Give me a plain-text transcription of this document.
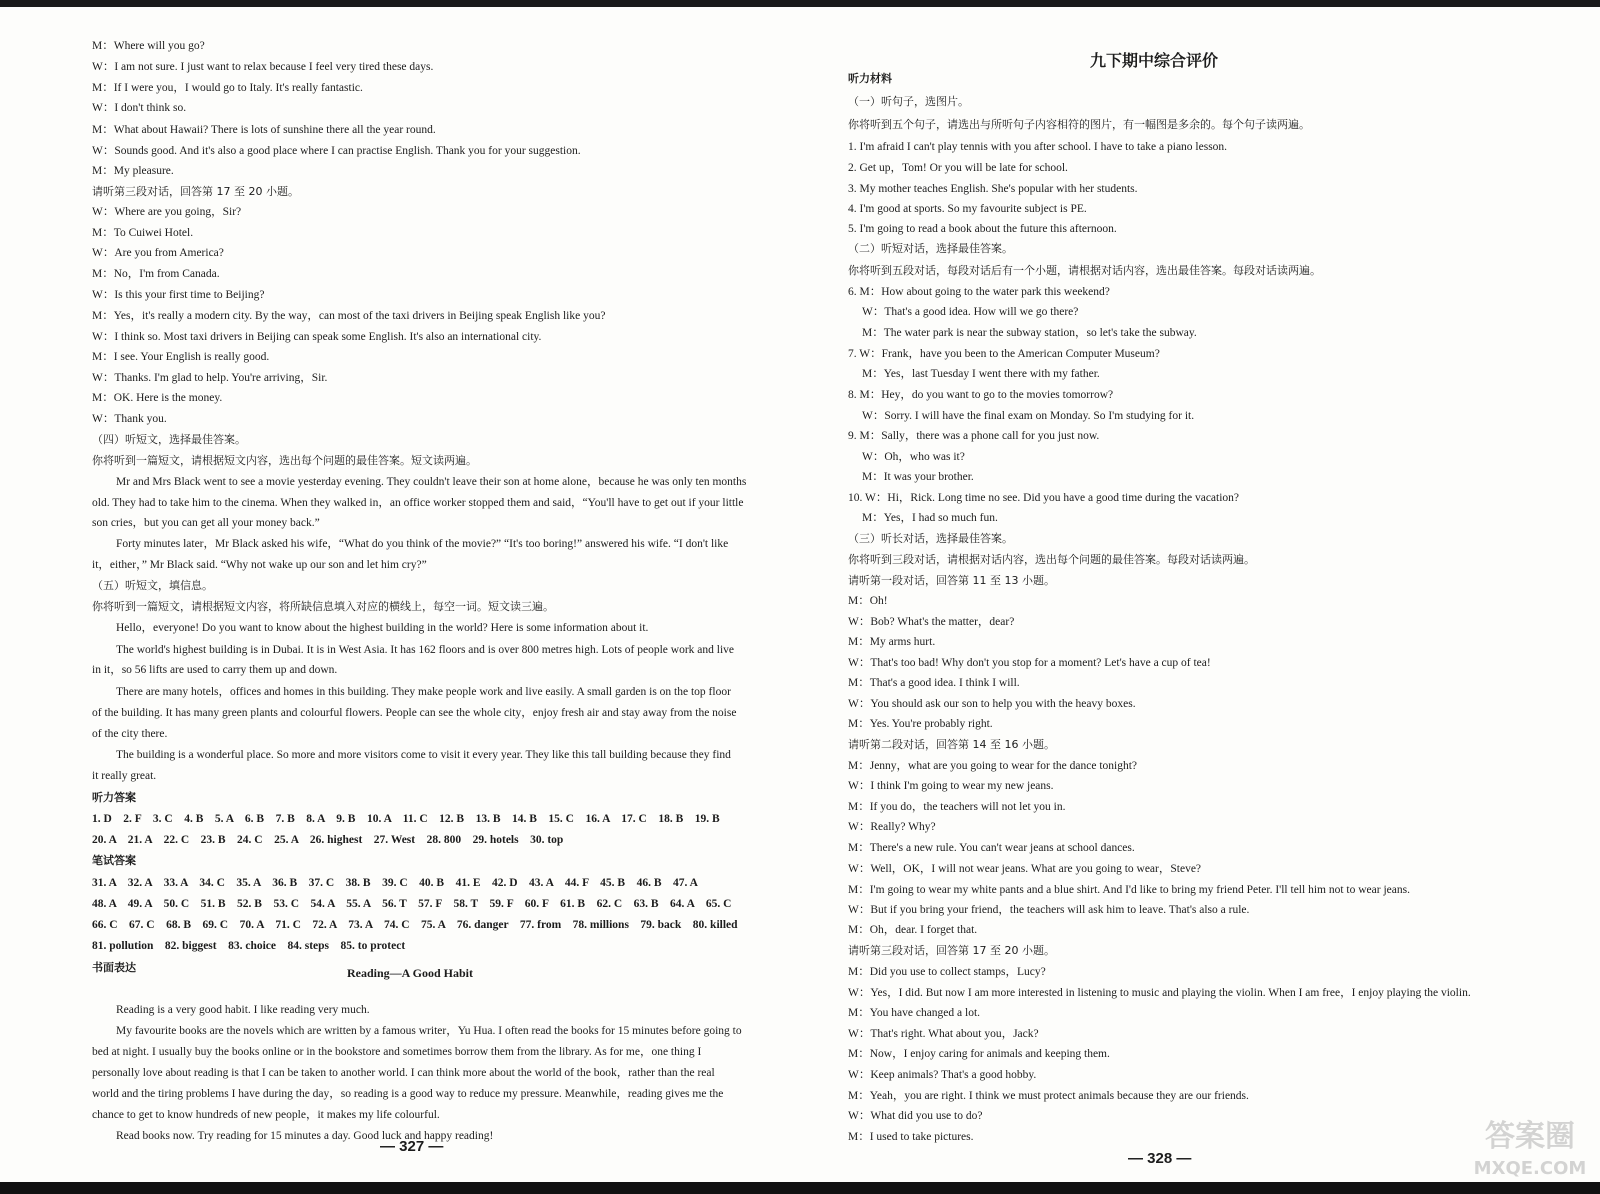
M：Where will you go?
W：I am not sure. I just want to relax because I feel very tired these days.
M：If I were you，I would go to Italy. It's really fantastic.
W：I don't think so.
M：What about Hawaii? There is lots of sunshine there all the year round.
W：Sounds good. And it's also a good place where I can practise English. Thank you for your suggestion.
M：My pleasure.
请听第三段对话，回答第 17 至 20 小题。
W：Where are you going，Sir?
M：To Cuiwei Hotel.
W：Are you from America?
M：No，I'm from Canada.
W：Is this your first time to Beijing?
M：Yes，it's really a modern city. By the way，can most of the taxi drivers in Beijing speak English like you?
W：I think so. Most taxi drivers in Beijing can speak some English. It's also an international city.
M：I see. Your English is really good.
W：Thanks. I'm glad to help. You're arriving，Sir.
M：OK. Here is the money.
W：Thank you.
（四）听短文，选择最佳答案。
你将听到一篇短文，请根据短文内容，选出每个问题的最佳答案。短文读两遍。
Mr and Mrs Black went to see a movie yesterday evening. They couldn't leave their son at home alone，because he was only ten months
old. They had to take him to the cinema. When they walked in，an office worker stopped them and said，“You'll have to get out if your little
son cries，but you can get all your money back.”
Forty minutes later，Mr Black asked his wife，“What do you think of the movie?” “It's too boring!” answered his wife. “I don't like
it，either，” Mr Black said. “Why not wake up our son and let him cry?”
（五）听短文，填信息。
你将听到一篇短文，请根据短文内容，将所缺信息填入对应的横线上，每空一词。短文读三遍。
Hello，everyone! Do you want to know about the highest building in the world? Here is some information about it.
The world's highest building is in Dubai. It is in West Asia. It has 162 floors and is over 800 metres high. Lots of people work and live
in it，so 56 lifts are used to carry them up and down.
There are many hotels，offices and homes in this building. They make people work and live easily. A small garden is on the top floor
of the building. It has many green plants and colourful flowers. People can see the whole city，enjoy fresh air and stay away from the noise
of the city there.
The building is a wonderful place. So more and more visitors come to visit it every year. They like this tall building because they find
it really great.
听力答案
1. D　2. F　3. C　4. B　5. A　6. B　7. B　8. A　9. B　10. A　11. C　12. B　13. B　14. B　15. C　16. A　17. C　18. B　19. B
20. A　21. A　22. C　23. B　24. C　25. A　26. highest　27. West　28. 800　29. hotels　30. top
笔试答案
31. A　32. A　33. A　34. C　35. A　36. B　37. C　38. B　39. C　40. B　41. E　42. D　43. A　44. F　45. B　46. B　47. A
48. A　49. A　50. C　51. B　52. B　53. C　54. A　55. A　56. T　57. F　58. T　59. F　60. F　61. B　62. C　63. B　64. A　65. C
66. C　67. C　68. B　69. C　70. A　71. C　72. A　73. A　74. C　75. A　76. danger　77. from　78. millions　79. back　80. killed
81. pollution　82. biggest　83. choice　84. steps　85. to protect
书面表达
Reading is a very good habit. I like reading very much.
My favourite books are the novels which are written by a famous writer，Yu Hua. I often read the books for 15 minutes before going to
bed at night. I usually buy the books online or in the bookstore and sometimes borrow them from the library. As for me，one thing I
personally love about reading is that I can be taken to another world. I can think more about the world of the book，rather than the real
world and the tiring problems I have during the day，so reading is a good way to reduce my pressure. Meanwhile，reading gives me the
chance to get to know hundreds of new people，it makes my life colourful.
Read books now. Try reading for 15 minutes a day. Good luck and happy reading!
Reading—A Good Habit
— 327 —
九下期中综合评价
听力材料
（一）听句子，选图片。
你将听到五个句子，请选出与所听句子内容相符的图片，有一幅图是多余的。每个句子读两遍。
1. I'm afraid I can't play tennis with you after school. I have to take a piano lesson.
2. Get up，Tom! Or you will be late for school.
3. My mother teaches English. She's popular with her students.
4. I'm good at sports. So my favourite subject is PE.
5. I'm going to read a book about the future this afternoon.
（二）听短对话，选择最佳答案。
你将听到五段对话，每段对话后有一个小题，请根据对话内容，选出最佳答案。每段对话读两遍。
6. M：How about going to the water park this weekend?
W：That's a good idea. How will we go there?
M：The water park is near the subway station，so let's take the subway.
7. W：Frank，have you been to the American Computer Museum?
M：Yes，last Tuesday I went there with my father.
8. M：Hey，do you want to go to the movies tomorrow?
W：Sorry. I will have the final exam on Monday. So I'm studying for it.
9. M：Sally，there was a phone call for you just now.
W：Oh，who was it?
M：It was your brother.
10. W：Hi，Rick. Long time no see. Did you have a good time during the vacation?
M：Yes，I had so much fun.
（三）听长对话，选择最佳答案。
你将听到三段对话，请根据对话内容，选出每个问题的最佳答案。每段对话读两遍。
请听第一段对话，回答第 11 至 13 小题。
M：Oh!
W：Bob? What's the matter，dear?
M：My arms hurt.
W：That's too bad! Why don't you stop for a moment? Let's have a cup of tea!
M：That's a good idea. I think I will.
W：You should ask our son to help you with the heavy boxes.
M：Yes. You're probably right.
请听第二段对话，回答第 14 至 16 小题。
M：Jenny，what are you going to wear for the dance tonight?
W：I think I'm going to wear my new jeans.
M：If you do，the teachers will not let you in.
W：Really? Why?
M：There's a new rule. You can't wear jeans at school dances.
W：Well，OK，I will not wear jeans. What are you going to wear，Steve?
M：I'm going to wear my white pants and a blue shirt. And I'd like to bring my friend Peter. I'll tell him not to wear jeans.
W：But if you bring your friend，the teachers will ask him to leave. That's also a rule.
M：Oh，dear. I forget that.
请听第三段对话，回答第 17 至 20 小题。
M：Did you use to collect stamps，Lucy?
W：Yes，I did. But now I am more interested in listening to music and playing the violin. When I am free，I enjoy playing the violin.
M：You have changed a lot.
W：That's right. What about you，Jack?
M：Now，I enjoy caring for animals and keeping them.
W：Keep animals? That's a good hobby.
M：Yeah，you are right. I think we must protect animals because they are our friends.
W：What did you use to do?
M：I used to take pictures.
— 328 —
答案圈
MXQE.COM
